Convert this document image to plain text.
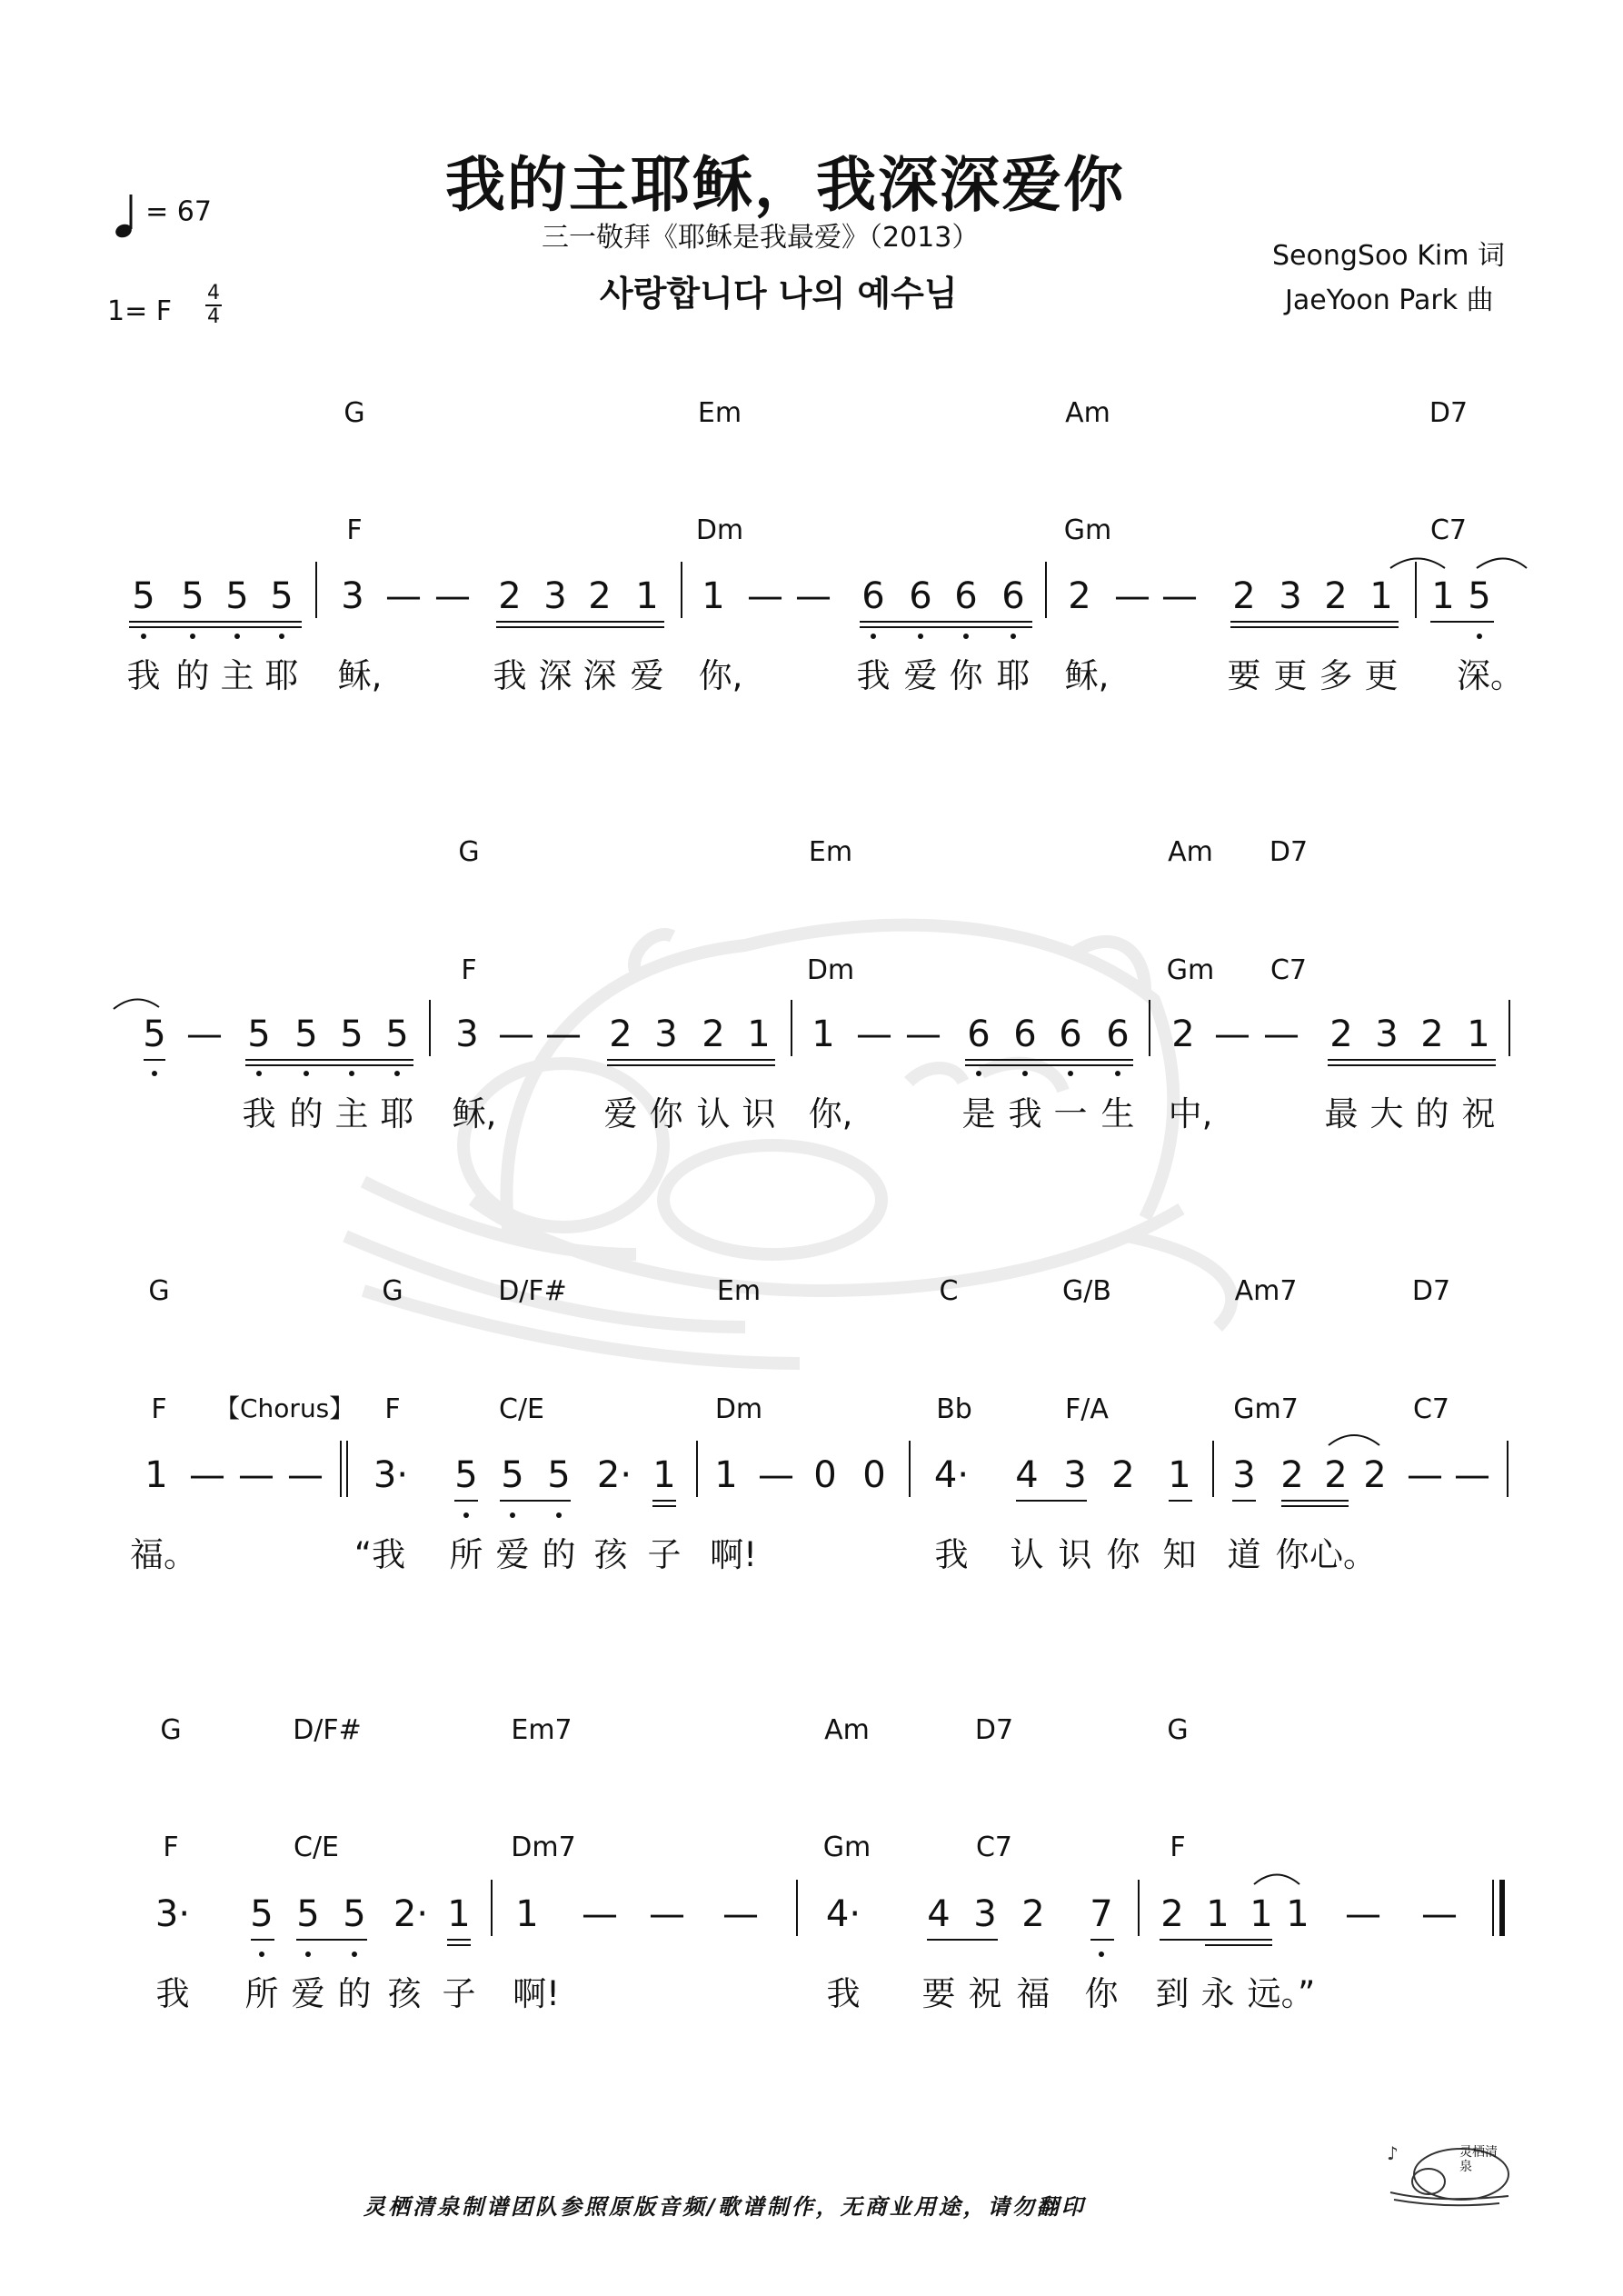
我的主耶稣，我深深爱你
三一敬拜《耶稣是我最爱》（2013）
사랑합니다 나의 예수님
= 67
1= F
4
4
SeongSoo Kim 词
JaeYoon Park 曲
G	Em	Am	D7
F	Dm	Gm	C7
5 5 5 5 3 — — 2 3 2 1 1 — — 6 6 6 6 2 — — 2 3 2 1 1 5
我 的 主 耶 稣,	我 深 深 爱 你,	我 爱 你 耶 稣,	要 更 多 更 深。
G	Em	Am D7
F	Dm	Gm C7
5 — 5 5 5 5 3 — — 2 3 2 1 1 — — 6 6 6 6 2 — — 2 3 2 1
我 的 主 耶 稣,	爱 你 认 识 你,	是 我 一 生 中,	最 大 的 祝
G	G	D/F#	Em	C	G/B	Am7	D7
F 【Chorus】 F	C/E	Dm	Bb	F/A	Gm7	C7
1 — — — 3· 5 5 5 2· 1 1 — 0 0 4· 4 3 2 1 3 2 2 2 — —
福。	“我 所 爱 的 孩 子 啊!	我 认 识 你 知 道 你 心。
G	D/F#	Em7	Am	D7	G
F	C/E	Dm7	Gm	C7	F
3· 5 5 5 2· 1 1 — — — 4· 4 3 2 7 2 1 1 1 — —
我 所 爱 的 孩 子 啊!	我 要 祝 福 你 到 永 远。”
灵栖清泉制谱团队参照原版音频/歌谱制作，无商业用途，请勿翻印
♪	灵栖清泉
